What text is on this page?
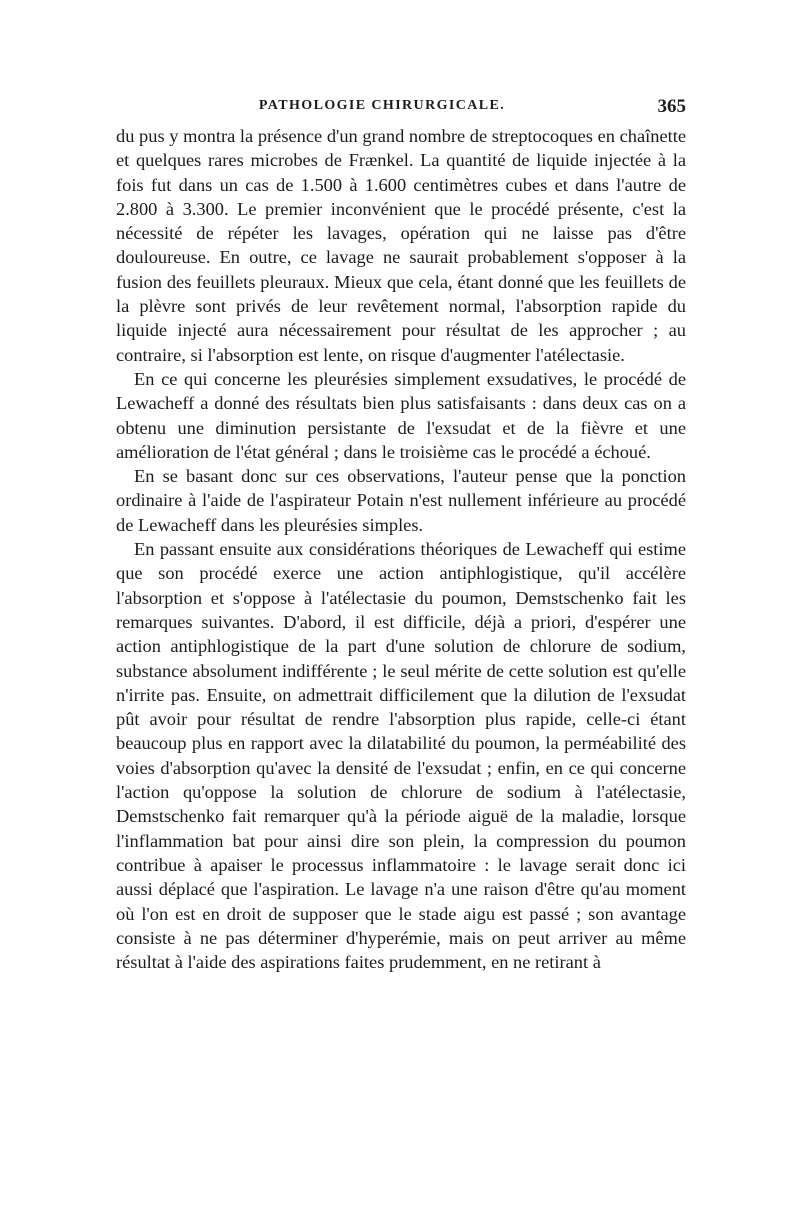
PATHOLOGIE CHIRURGICALE.	365

du pus y montra la présence d'un grand nombre de streptocoques en chaînette et quelques rares microbes de Frænkel. La quantité de liquide injectée à la fois fut dans un cas de 1.500 à 1.600 centimètres cubes et dans l'autre de 2.800 à 3.300. Le premier inconvénient que le procédé présente, c'est la nécessité de répéter les lavages, opération qui ne laisse pas d'être douloureuse. En outre, ce lavage ne saurait probablement s'opposer à la fusion des feuillets pleuraux. Mieux que cela, étant donné que les feuillets de la plèvre sont privés de leur revêtement normal, l'absorption rapide du liquide injecté aura nécessairement pour résultat de les approcher ; au contraire, si l'absorption est lente, on risque d'augmenter l'atélectasie.

En ce qui concerne les pleurésies simplement exsudatives, le procédé de Lewacheff a donné des résultats bien plus satisfaisants : dans deux cas on a obtenu une diminution persistante de l'exsudat et de la fièvre et une amélioration de l'état général ; dans le troisième cas le procédé a échoué.

En se basant donc sur ces observations, l'auteur pense que la ponction ordinaire à l'aide de l'aspirateur Potain n'est nullement inférieure au procédé de Lewacheff dans les pleurésies simples.

En passant ensuite aux considérations théoriques de Lewacheff qui estime que son procédé exerce une action antiphlogistique, qu'il accélère l'absorption et s'oppose à l'atélectasie du poumon, Demstschenko fait les remarques suivantes. D'abord, il est difficile, déjà a priori, d'espérer une action antiphlogistique de la part d'une solution de chlorure de sodium, substance absolument indifférente ; le seul mérite de cette solution est qu'elle n'irrite pas. Ensuite, on admettrait difficilement que la dilution de l'exsudat pût avoir pour résultat de rendre l'absorption plus rapide, celle-ci étant beaucoup plus en rapport avec la dilatabilité du poumon, la perméabilité des voies d'absorption qu'avec la densité de l'exsudat ; enfin, en ce qui concerne l'action qu'oppose la solution de chlorure de sodium à l'atélectasie, Demstschenko fait remarquer qu'à la période aiguë de la maladie, lorsque l'inflammation bat pour ainsi dire son plein, la compression du poumon contribue à apaiser le processus inflammatoire : le lavage serait donc ici aussi déplacé que l'aspiration. Le lavage n'a une raison d'être qu'au moment où l'on est en droit de supposer que le stade aigu est passé ; son avantage consiste à ne pas déterminer d'hyperémie, mais on peut arriver au même résultat à l'aide des aspirations faites prudemment, en ne retirant à
